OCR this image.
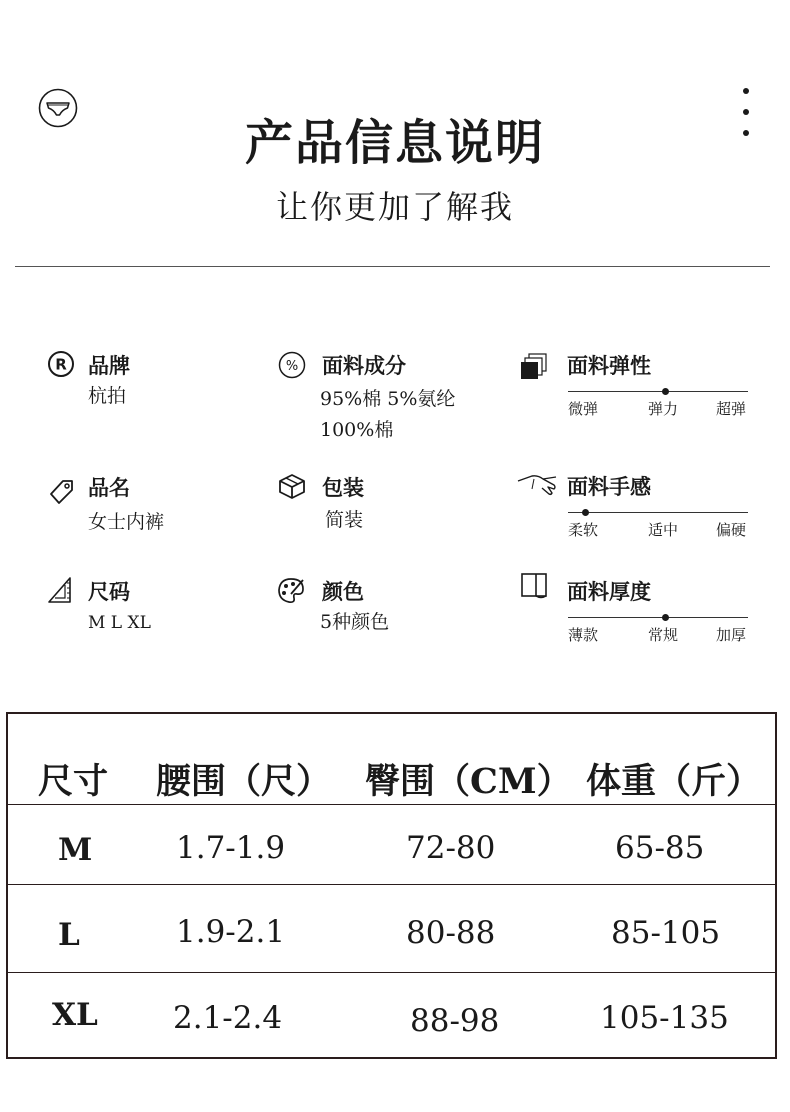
产品信息说明
让你更加了解我
R 品牌
杭拍
% 面料成分
95%棉 5%氨纶
100%棉
面料弹性
微弹	弹力	超弹
品名
女士内裤
包装
简装
面料手感
柔软	适中	偏硬
尺码
M L XL
颜色
5种颜色
面料厚度
薄款	常规	加厚
尺寸 腰围（尺） 臀围（CM） 体重（斤）
M	1.7-1.9	72-80	65-85
L	1.9-2.1	80-88	85-105
XL 2.1-2.4	88-98	105-135
